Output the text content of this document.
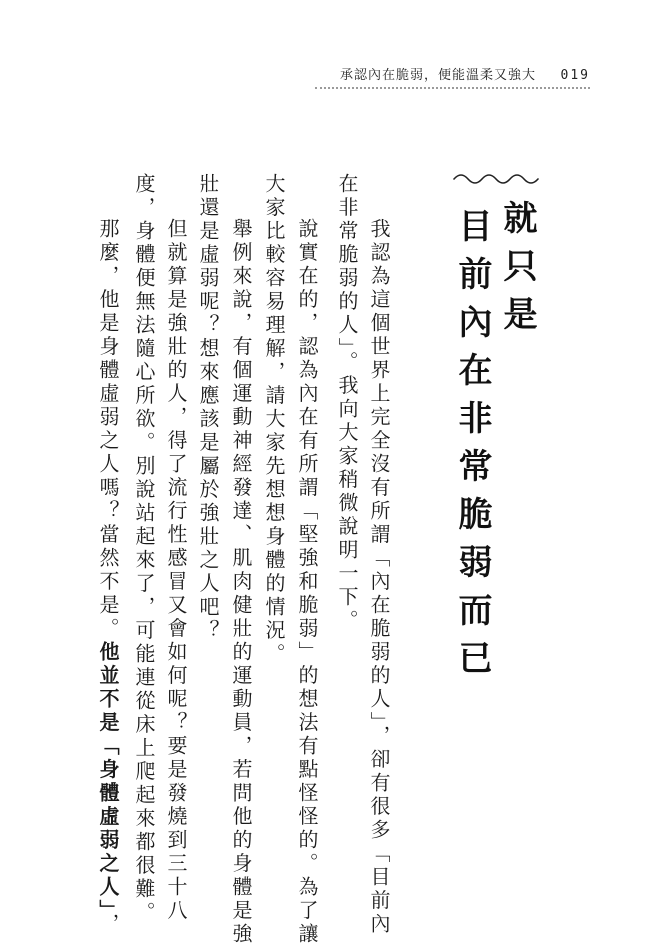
承認內在脆弱，便能溫柔又強大 019
就只是
目前內在非常脆弱而已
我認為這個世界上完全沒有所謂「內在脆弱的人」，卻有很多「目前內
在非常脆弱的人」。我向大家稍微說明一下。
說實在的，認為內在有所謂「堅強和脆弱」的想法有點怪怪的。為了讓
大家比較容易理解，請大家先想想身體的情況。
舉例來說，有個運動神經發達、肌肉健壯的運動員，若問他的身體是強
壯還是虛弱呢？想來應該是屬於強壯之人吧？
但就算是強壯的人，得了流行性感冒又會如何呢？要是發燒到三十八
度，身體便無法隨心所欲。別說站起來了，可能連從床上爬起來都很難。
那麼，他是身體虛弱之人嗎？當然不是。他並不是「身體虛弱之人」，
